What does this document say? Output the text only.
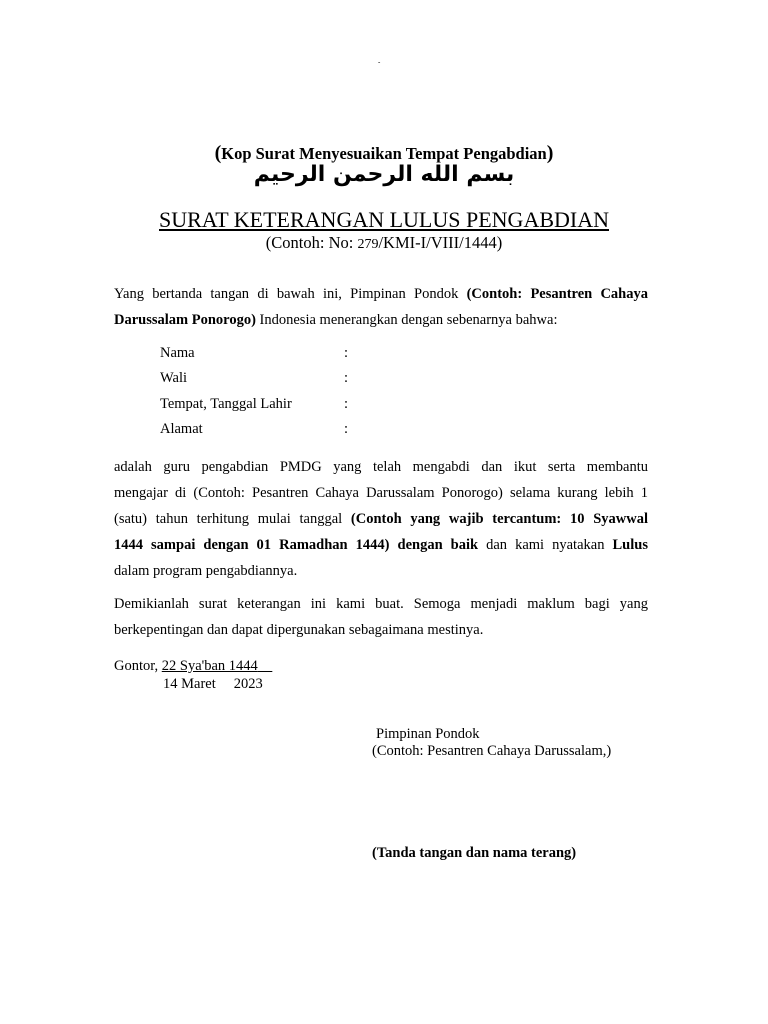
-
(Kop Surat Menyesuaikan Tempat Pengabdian)
بسم الله الرحمن الرحيم
SURAT KETERANGAN LULUS PENGABDIAN
(Contoh: No: 279/KMI-I/VIII/1444)
Yang bertanda tangan di bawah ini, Pimpinan Pondok (Contoh: Pesantren Cahaya
Darussalam Ponorogo) Indonesia menerangkan dengan sebenarnya bahwa:
Nama	:
Wali	:
Tempat, Tanggal Lahir	:
Alamat	:
adalah guru pengabdian PMDG yang telah mengabdi dan ikut serta membantu
mengajar di (Contoh: Pesantren Cahaya Darussalam Ponorogo) selama kurang lebih 1
(satu) tahun terhitung mulai tanggal (Contoh yang wajib tercantum: 10 Syawwal
1444 sampai dengan 01 Ramadhan 1444) dengan baik dan kami nyatakan Lulus
dalam program pengabdiannya.
Demikianlah surat keterangan ini kami buat. Semoga menjadi maklum bagi yang
berkepentingan dan dapat dipergunakan sebagaimana mestinya.
Gontor, 22 Sya'ban 1444
14 Maret 2023
Pimpinan Pondok
(Contoh: Pesantren Cahaya Darussalam,)
(Tanda tangan dan nama terang)
